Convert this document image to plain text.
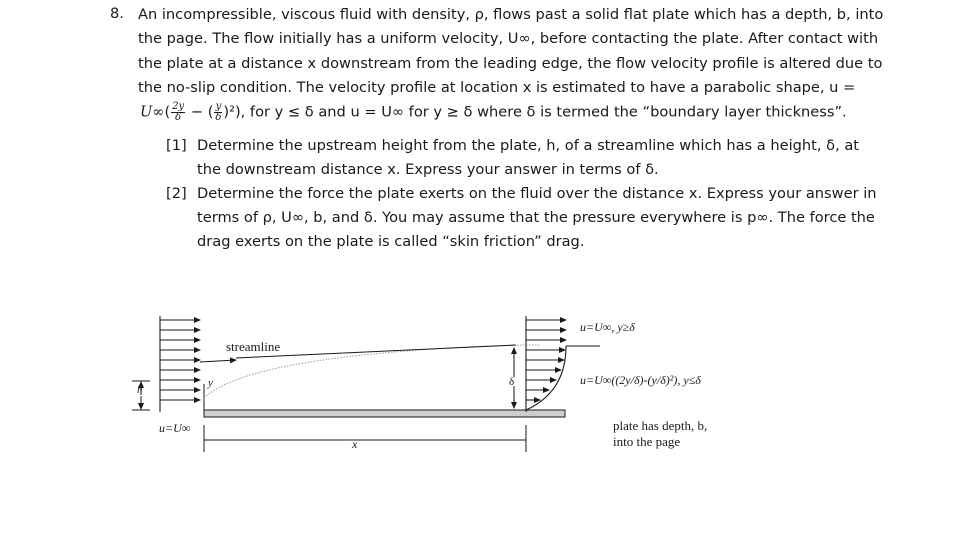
8. An incompressible, viscous fluid with density, ρ, flows past a solid flat plate which has a depth, b, into
the page. The flow initially has a uniform velocity, U∞, before contacting the plate. After contact with
the plate at a distance x downstream from the leading edge, the flow velocity profile is altered due to
the no-slip condition. The velocity profile at location x is estimated to have a parabolic shape, u =
$U\infty( \frac{2y}{\delta}$ − ( $\frac{y}{\delta} )^2$), for y ≤ δ and u = U∞ for y ≥ δ where δ is termed the “boundary layer thickness”.
[1] Determine the upstream height from the plate, h, of a streamline which has a height, δ, at
the downstream distance x. Express your answer in terms of δ.
[2] Determine the force the plate exerts on the fluid over the distance x. Express your answer in
terms of ρ, U∞, b, and δ. You may assume that the pressure everywhere is p∞. The force the
drag exerts on the plate is called “skin friction” drag.
h
y
u=U∞
streamline
x
δ
u=U∞, y≥δ
u=U∞((2y/δ)-(y/δ)²), y≤δ
plate has depth, b,
into the page
